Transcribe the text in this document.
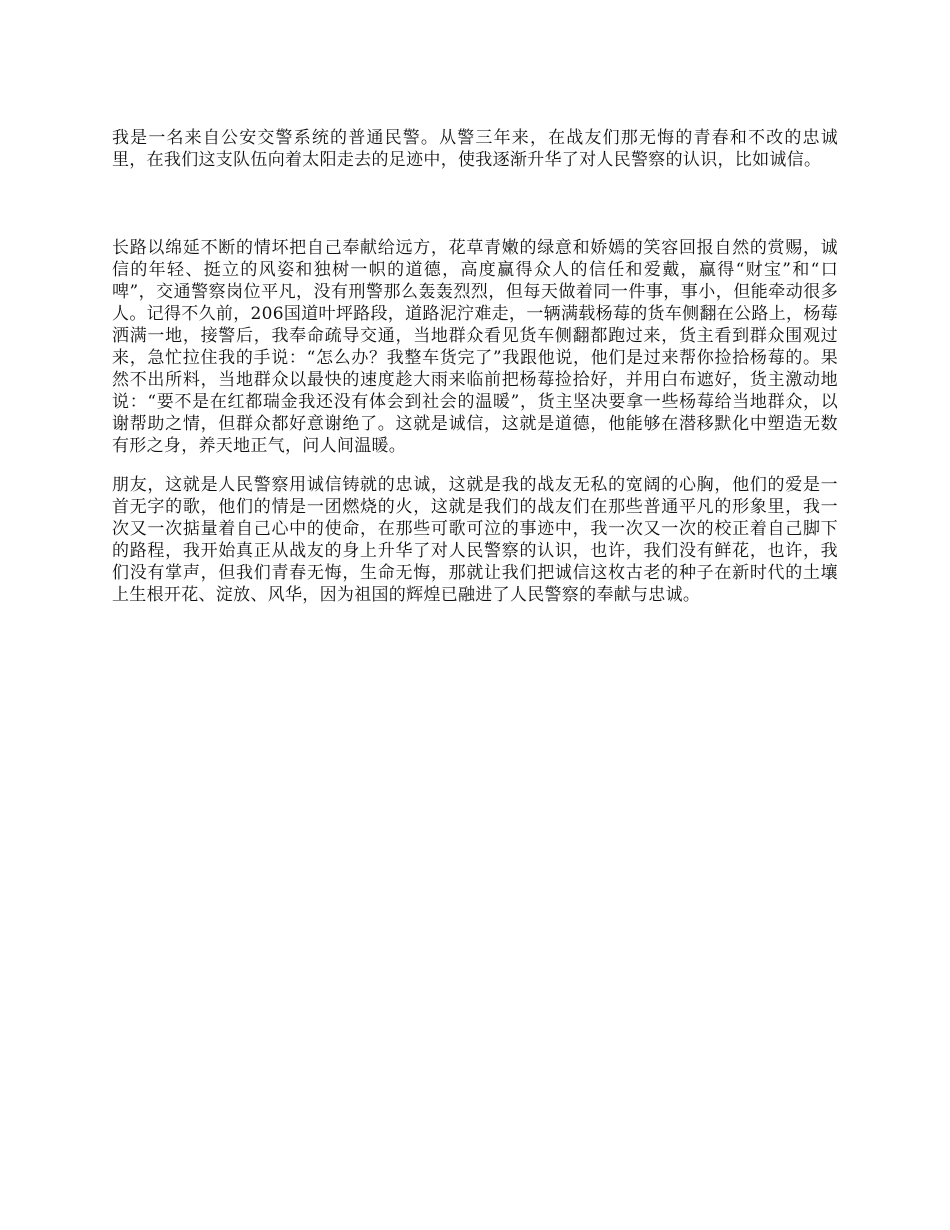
我是一名来自公安交警系统的普通民警。从警三年来，在战友们那无悔的青春和不改的忠诚里，在我们这支队伍向着太阳走去的足迹中，使我逐渐升华了对人民警察的认识，比如诚信。

长路以绵延不断的情坏把自己奉献给远方，花草青嫩的绿意和娇嫣的笑容回报自然的赏赐，诚信的年轻、挺立的风姿和独树一帜的道德，高度赢得众人的信任和爱戴，赢得“财宝”和“口啤”，交通警察岗位平凡，没有刑警那么轰轰烈烈，但每天做着同一件事，事小，但能牵动很多人。记得不久前，206国道叶坪路段，道路泥泞难走，一辆满载杨莓的货车侧翻在公路上，杨莓洒满一地，接警后，我奉命疏导交通，当地群众看见货车侧翻都跑过来，货主看到群众围观过来，急忙拉住我的手说：“怎么办？我整车货完了”我跟他说，他们是过来帮你捡拾杨莓的。果然不出所料，当地群众以最快的速度趁大雨来临前把杨莓捡拾好，并用白布遮好，货主激动地说：“要不是在红都瑞金我还没有体会到社会的温暖”，货主坚决要拿一些杨莓给当地群众，以谢帮助之情，但群众都好意谢绝了。这就是诚信，这就是道德，他能够在潜移默化中塑造无数有形之身，养天地正气，问人间温暖。

朋友，这就是人民警察用诚信铸就的忠诚，这就是我的战友无私的宽阔的心胸，他们的爱是一首无字的歌，他们的情是一团燃烧的火，这就是我们的战友们在那些普通平凡的形象里，我一次又一次掂量着自己心中的使命，在那些可歌可泣的事迹中，我一次又一次的校正着自己脚下的路程，我开始真正从战友的身上升华了对人民警察的认识，也许，我们没有鲜花，也许，我们没有掌声，但我们青春无悔，生命无悔，那就让我们把诚信这枚古老的种子在新时代的土壤上生根开花、淀放、风华，因为祖国的辉煌已融进了人民警察的奉献与忠诚。
